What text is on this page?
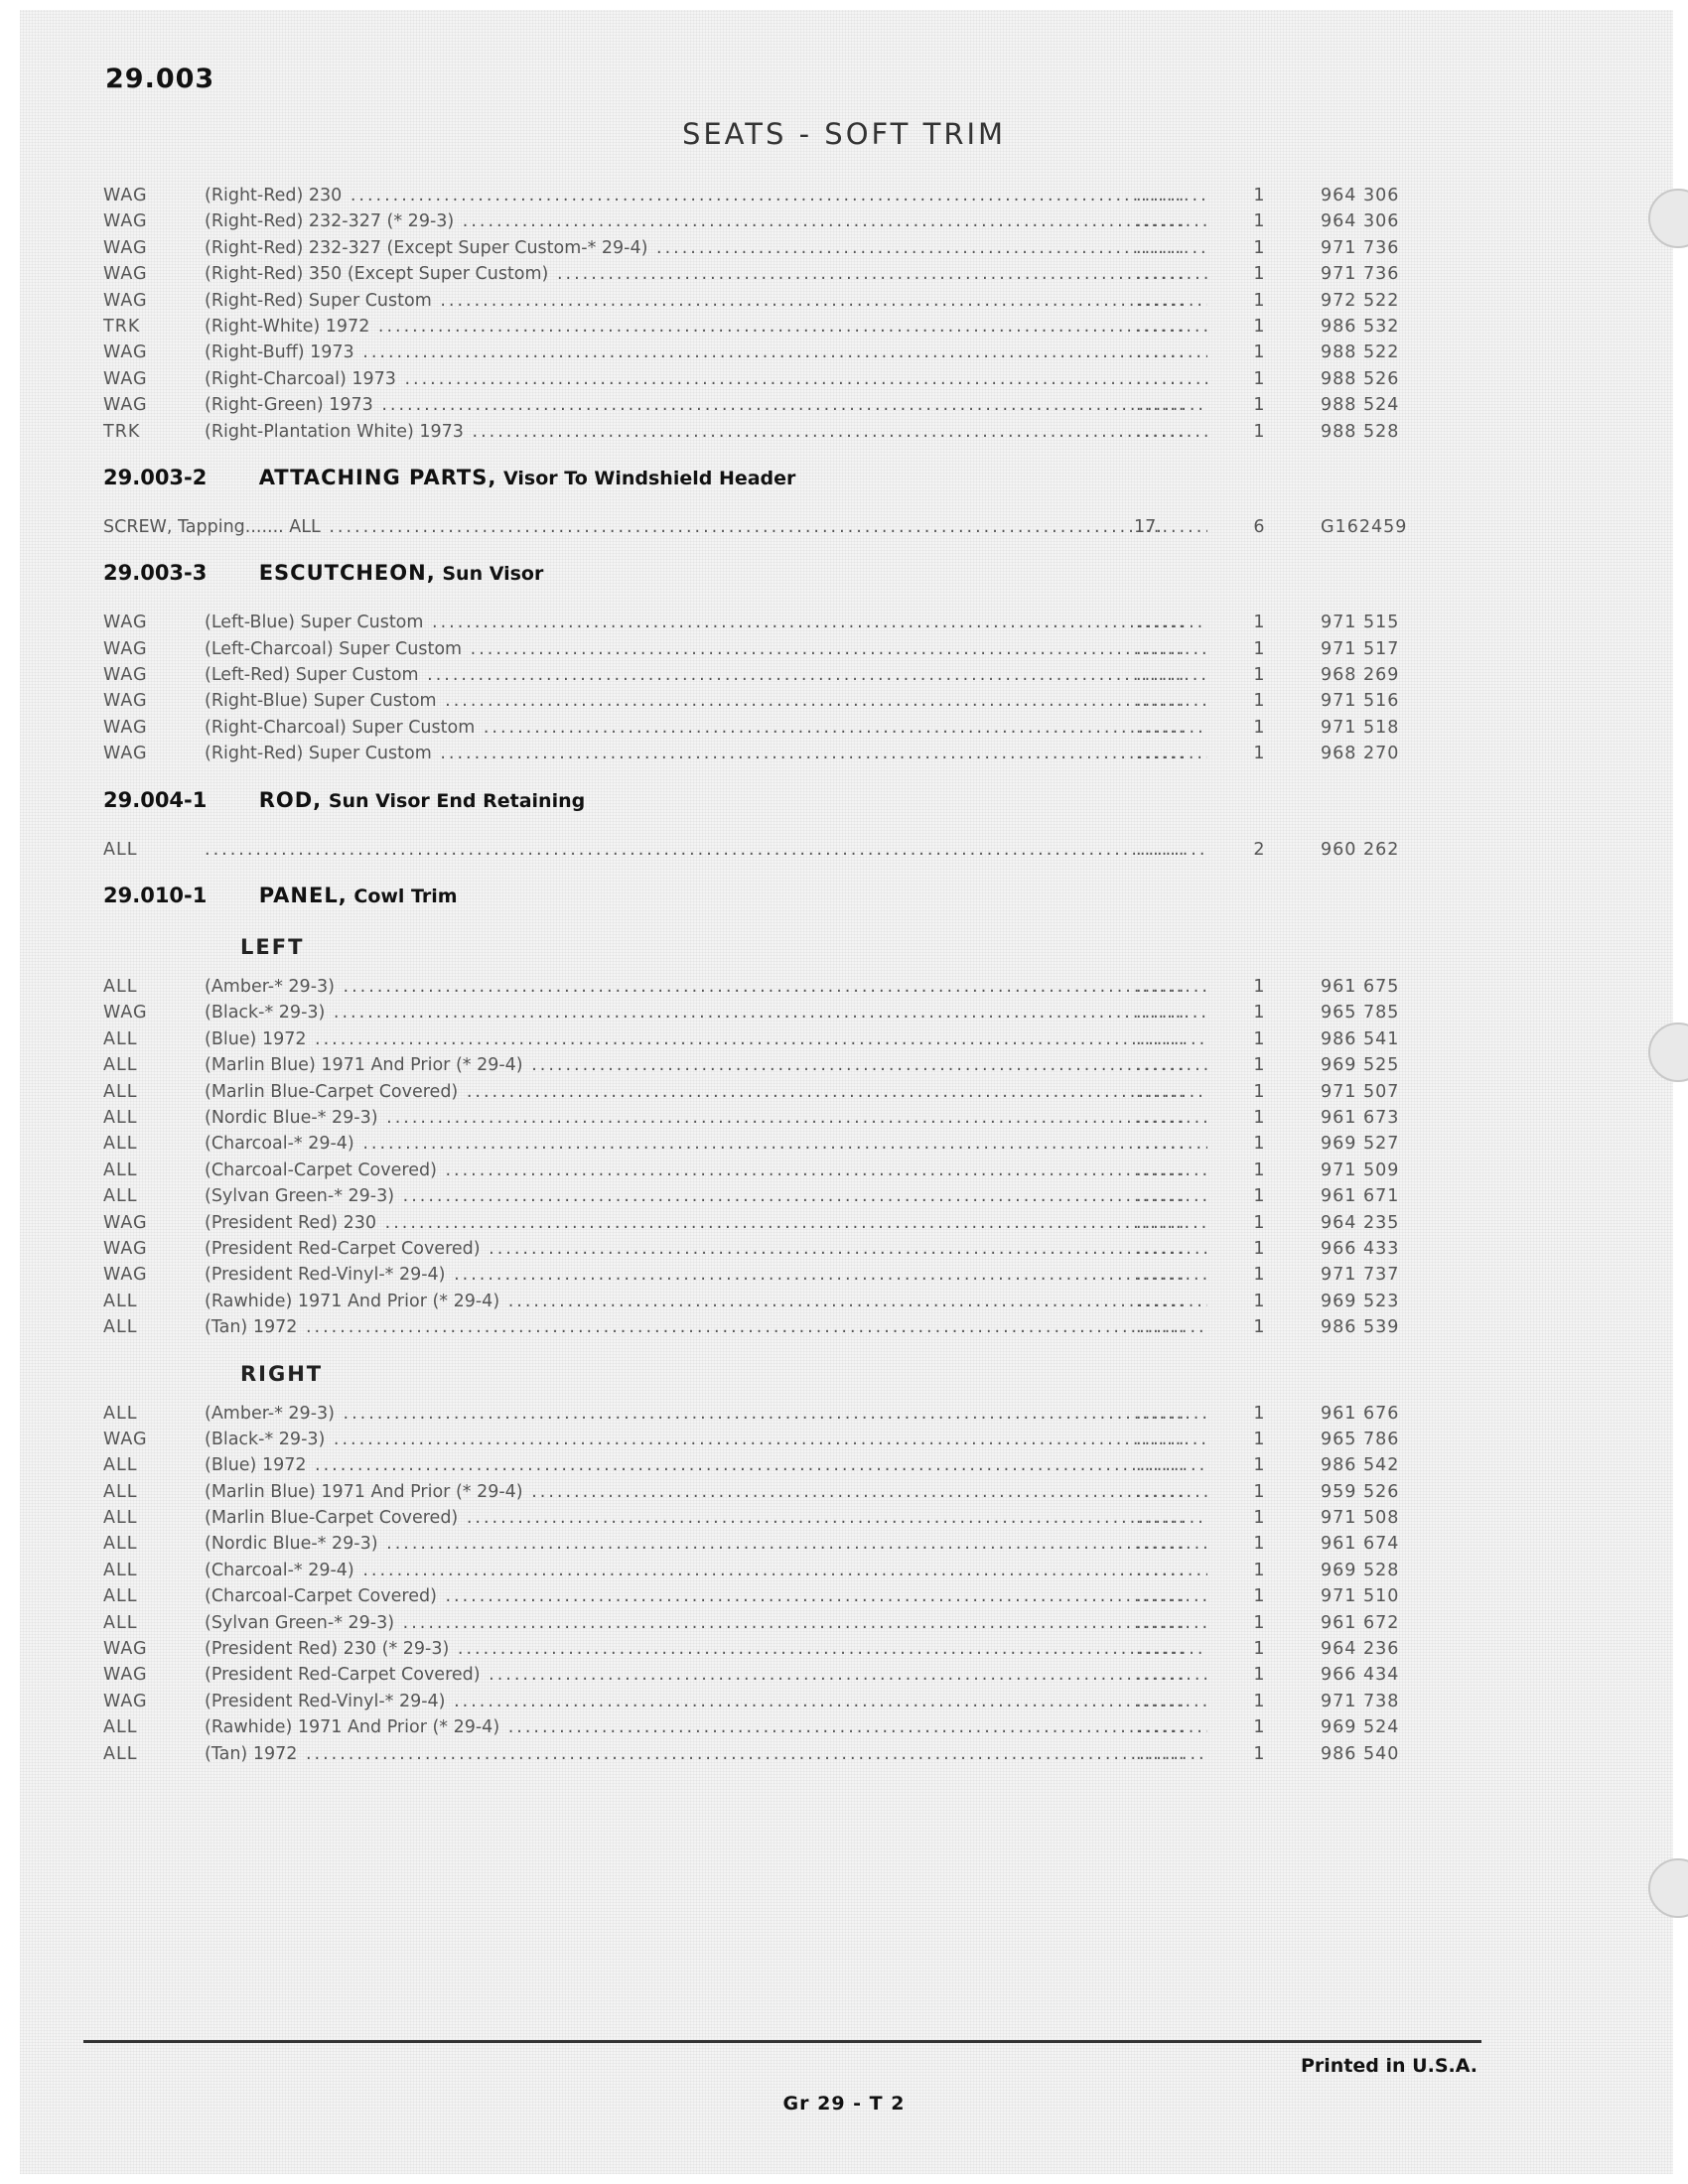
29.003
SEATS - SOFT TRIM
WAG	(Right-Red) 230 .....	......	1	964 306
WAG	(Right-Red) 232-327 (* 29-3) .....	......	1	964 306
WAG	(Right-Red) 232-327 (Except Super Custom-* 29-4) .....	......	1	971 736
WAG	(Right-Red) 350 (Except Super Custom) .....	......	1	971 736
WAG	(Right-Red) Super Custom .....	......	1	972 522
TRK	(Right-White) 1972 .....	......	1	986 532
WAG	(Right-Buff) 1973 .....	......	1	988 522
WAG	(Right-Charcoal) 1973 .....	......	1	988 526
WAG	(Right-Green) 1973 .....	......	1	988 524
TRK	(Right-Plantation White) 1973 .....	......	1	988 528
29.003-2 ATTACHING PARTS, Visor To Windshield Header
SCREW, Tapping....... ALL .....	17.	6	G162459
29.003-3 ESCUTCHEON, Sun Visor
WAG	(Left-Blue) Super Custom .....	......	1	971 515
WAG	(Left-Charcoal) Super Custom .....	......	1	971 517
WAG	(Left-Red) Super Custom .....	......	1	968 269
WAG	(Right-Blue) Super Custom .....	......	1	971 516
WAG	(Right-Charcoal) Super Custom .....	......	1	971 518
WAG	(Right-Red) Super Custom .....	......	1	968 270
29.004-1 ROD, Sun Visor End Retaining
ALL
.....	......	2	960 262
29.010-1 PANEL, Cowl Trim
LEFT
ALL	(Amber-* 29-3) .....	......	1	961 675
WAG	(Black-* 29-3) .....	......	1	965 785
ALL	(Blue) 1972 .....	......	1	986 541
ALL	(Marlin Blue) 1971 And Prior (* 29-4) .....	......	1	969 525
ALL	(Marlin Blue-Carpet Covered) .....	......	1	971 507
ALL	(Nordic Blue-* 29-3) .....	......	1	961 673
ALL	(Charcoal-* 29-4) .....	......	1	969 527
ALL	(Charcoal-Carpet Covered) .....	......	1	971 509
ALL	(Sylvan Green-* 29-3) .....	......	1	961 671
WAG	(President Red) 230 .....	......	1	964 235
WAG	(President Red-Carpet Covered) .....	......	1	966 433
WAG	(President Red-Vinyl-* 29-4) .....	......	1	971 737
ALL	(Rawhide) 1971 And Prior (* 29-4) .....	......	1	969 523
ALL	(Tan) 1972 .....	......	1	986 539
RIGHT
ALL	(Amber-* 29-3) .....	......	1	961 676
WAG	(Black-* 29-3) .....	......	1	965 786
ALL	(Blue) 1972 .....	......	1	986 542
ALL	(Marlin Blue) 1971 And Prior (* 29-4) .....	......	1	959 526
ALL	(Marlin Blue-Carpet Covered) .....	......	1	971 508
ALL	(Nordic Blue-* 29-3) .....	......	1	961 674
ALL	(Charcoal-* 29-4) .....	......	1	969 528
ALL	(Charcoal-Carpet Covered) .....	......	1	971 510
ALL	(Sylvan Green-* 29-3) .....	......	1	961 672
WAG	(President Red) 230 (* 29-3) .....	......	1	964 236
WAG	(President Red-Carpet Covered) .....	......	1	966 434
WAG	(President Red-Vinyl-* 29-4) .....	......	1	971 738
ALL	(Rawhide) 1971 And Prior (* 29-4) .....	......	1	969 524
ALL	(Tan) 1972 .....	......	1	986 540
Printed in U.S.A.
Gr 29 - T 2
